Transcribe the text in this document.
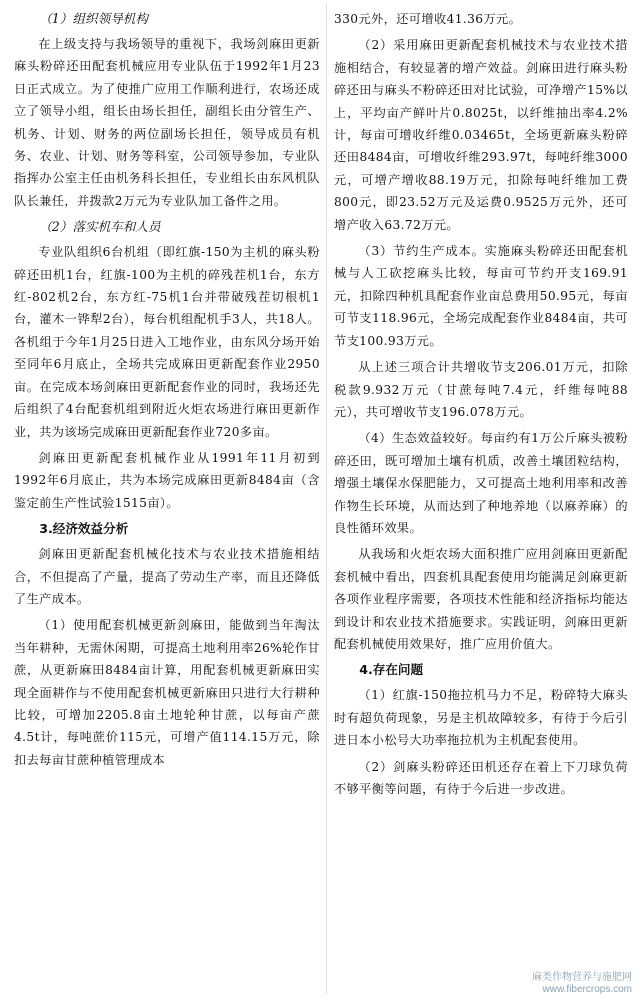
（1）组织领导机构

在上级支持与我场领导的重视下，我场剑麻田更新麻头粉碎还田配套机械应用专业队伍于1992年1月23日正式成立。为了使推广应用工作顺利进行，农场还成立了领导小组，组长由场长担任，副组长由分管生产、机务、计划、财务的两位副场长担任，领导成员有机务、农业、计划、财务等科室，公司领导参加，专业队指挥办公室主任由机务科长担任，专业组长由东风机队队长兼任，并拨款2万元为专业队加工备件之用。

（2）落实机车和人员

专业队组织6台机组（即红旗-150为主机的麻头粉碎还田机1台，红旗-100为主机的碎残茬机1台，东方红-802机2台，东方红-75机1台并带破残茬切根机1台，灌木一铧犁2台），每台机组配机手3人，共18人。各机组于今年1月25日进入工地作业，由东风分场开始至同年6月底止，全场共完成麻田更新配套作业2950亩。在完成本场剑麻田更新配套作业的同时，我场还先后组织了4台配套机组到附近火炬农场进行麻田更新作业，共为该场完成麻田更新配套作业720多亩。

剑麻田更新配套机械作业从1991年11月初到1992年6月底止，共为本场完成麻田更新8484亩（含鉴定前生产性试验1515亩）。

3.经济效益分析

剑麻田更新配套机械化技术与农业技术措施相结合，不但提高了产量，提高了劳动生产率，而且还降低了生产成本。

（1）使用配套机械更新剑麻田，能做到当年淘汰当年耕种，无需休闲期，可提高土地利用率26%轮作甘蔗，从更新麻田8484亩计算，用配套机械更新麻田实现全面耕作与不使用配套机械更新麻田只进行大行耕种比较，可增加2205.8亩土地轮种甘蔗，以每亩产蔗4.5t计，每吨蔗价115元，可增产值114.15万元，除扣去每亩甘蔗种植管理成本

330元外，还可增收41.36万元。

（2）采用麻田更新配套机械技术与农业技术措施相结合，有较显著的增产效益。剑麻田进行麻头粉碎还田与麻头不粉碎还田对比试验，可净增产15%以上，平均亩产鲜叶片0.8025t，以纤维抽出率4.2%计，每亩可增收纤维0.03465t，全场更新麻头粉碎还田8484亩，可增收纤维293.97t，每吨纤维3000元，可增产增收88.19万元，扣除每吨纤维加工费800元，即23.52万元及运费0.9525万元外，还可增产收入63.72万元。

（3）节约生产成本。实施麻头粉碎还田配套机械与人工砍挖麻头比较，每亩可节约开支169.91元，扣除四种机具配套作业亩总费用50.95元，每亩可节支118.96元，全场完成配套作业8484亩，共可节支100.93万元。

从上述三项合计共增收节支206.01万元，扣除税款9.932万元（甘蔗每吨7.4元，纤维每吨88元），共可增收节支196.078万元。

（4）生态效益较好。每亩约有1万公斤麻头被粉碎还田，既可增加土壤有机质，改善土壤团粒结构，增强土壤保水保肥能力，又可提高土地利用率和改善作物生长环境，从而达到了种地养地（以麻养麻）的良性循环效果。

从我场和火炬农场大面积推广应用剑麻田更新配套机械中看出，四套机具配套使用均能满足剑麻更新各项作业程序需要，各项技术性能和经济指标均能达到设计和农业技术措施要求。实践证明，剑麻田更新配套机械使用效果好，推广应用价值大。

4.存在问题

（1）红旗-150拖拉机马力不足，粉碎特大麻头时有超负荷现象，另是主机故障较多，有待于今后引进日本小松号大功率拖拉机为主机配套使用。

（2）剑麻头粉碎还田机还存在着上下刀球负荷不够平衡等问题，有待于今后进一步改进。

麻类作物营养与施肥网
www.fibercrops.com
